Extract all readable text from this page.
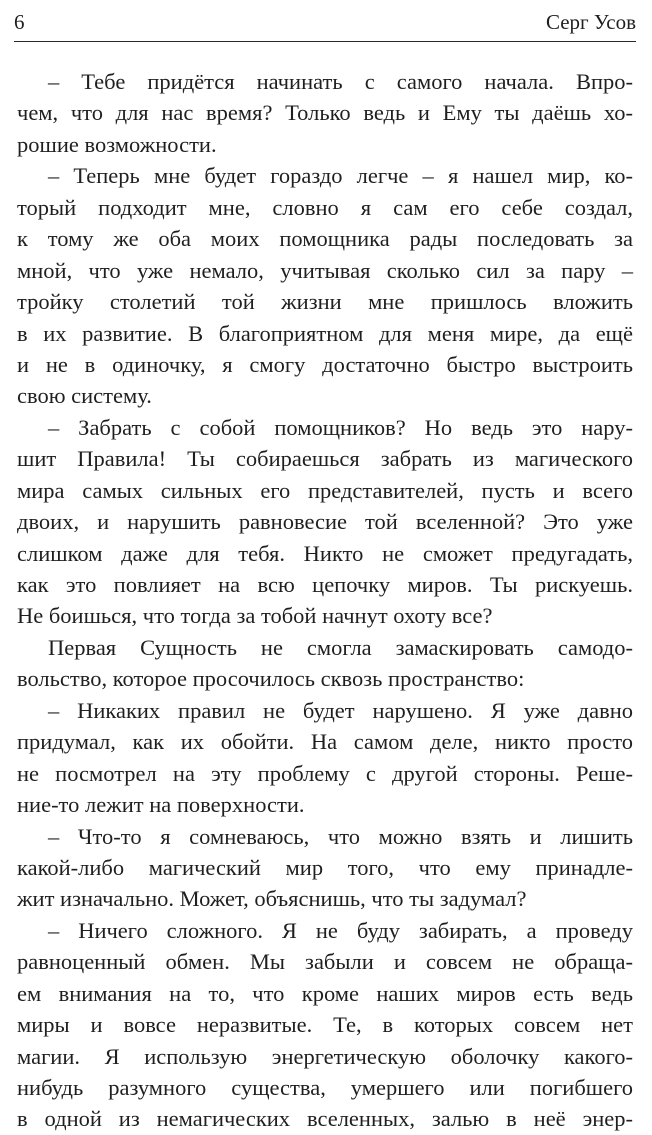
6	Серг Усов
– Тебе придётся начинать с самого начала. Впро-
чем, что для нас время? Только ведь и Ему ты даёшь хо-
рошие возможности.
– Теперь мне будет гораздо легче – я нашел мир, ко-
торый подходит мне, словно я сам его себе создал,
к тому же оба моих помощника рады последовать за
мной, что уже немало, учитывая сколько сил за пару –
тройку столетий той жизни мне пришлось вложить
в их развитие. В благоприятном для меня мире, да ещё
и не в одиночку, я смогу достаточно быстро выстроить
свою систему.
– Забрать с собой помощников? Но ведь это нару-
шит Правила! Ты собираешься забрать из магического
мира самых сильных его представителей, пусть и всего
двоих, и нарушить равновесие той вселенной? Это уже
слишком даже для тебя. Никто не сможет предугадать,
как это повлияет на всю цепочку миров. Ты рискуешь.
Не боишься, что тогда за тобой начнут охоту все?
Первая Сущность не смогла замаскировать самодо-
вольство, которое просочилось сквозь пространство:
– Никаких правил не будет нарушено. Я уже давно
придумал, как их обойти. На самом деле, никто просто
не посмотрел на эту проблему с другой стороны. Реше-
ние-то лежит на поверхности.
– Что-то я сомневаюсь, что можно взять и лишить
какой-либо магический мир того, что ему принадле-
жит изначально. Может, объяснишь, что ты задумал?
– Ничего сложного. Я не буду забирать, а проведу
равноценный обмен. Мы забыли и совсем не обраща-
ем внимания на то, что кроме наших миров есть ведь
миры и вовсе неразвитые. Те, в которых совсем нет
магии. Я использую энергетическую оболочку какого-
нибудь разумного существа, умершего или погибшего
в одной из немагических вселенных, залью в неё энер-
